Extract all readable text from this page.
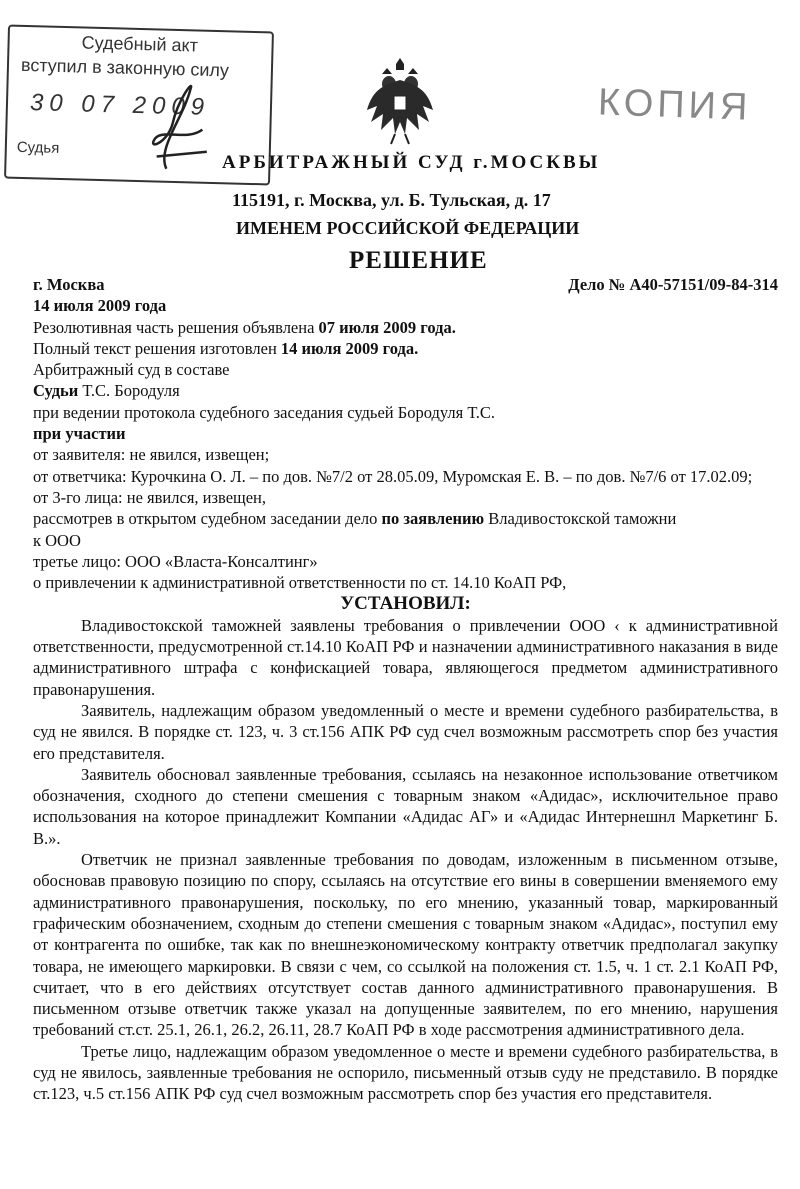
Судебный акт
вступил в законную силу
30 07 2009
Судья
КОПИЯ
АРБИТРАЖНЫЙ СУД г.МОСКВЫ
115191, г. Москва, ул. Б. Тульская, д. 17
ИМЕНЕМ РОССИЙСКОЙ ФЕДЕРАЦИИ
РЕШЕНИЕ
г. Москва	Дело № А40-57151/09-84-314
14 июля 2009 года
Резолютивная часть решения объявлена 07 июля 2009 года.
Полный текст решения изготовлен 14 июля 2009 года.
Арбитражный суд в составе
Судьи Т.С. Бородуля
при ведении протокола судебного заседания судьей Бородуля Т.С.
при участии
от заявителя: не явился, извещен;
от ответчика: Курочкина О. Л. – по дов. №7/2 от 28.05.09, Муромская Е. В. – по дов. №7/6 от 17.02.09;
от 3-го лица: не явился, извещен,
рассмотрев в открытом судебном заседании дело по заявлению Владивостокской таможни
к ООО
третье лицо: ООО «Власта-Консалтинг»
о привлечении к административной ответственности по ст. 14.10 КоАП РФ,
УСТАНОВИЛ:
Владивостокской таможней заявлены требования о привлечении ООО ‹ к административной ответственности, предусмотренной ст.14.10 КоАП РФ и назначении административного наказания в виде административного штрафа с конфискацией товара, являющегося предметом административного правонарушения.
Заявитель, надлежащим образом уведомленный о месте и времени судебного разбирательства, в суд не явился. В порядке ст. 123, ч. 3 ст.156 АПК РФ суд счел возможным рассмотреть спор без участия его представителя.
Заявитель обосновал заявленные требования, ссылаясь на незаконное использование ответчиком обозначения, сходного до степени смешения с товарным знаком «Адидас», исключительное право использования на которое принадлежит Компании «Адидас АГ» и «Адидас Интернешнл Маркетинг Б. В.».
Ответчик не признал заявленные требования по доводам, изложенным в письменном отзыве, обосновав правовую позицию по спору, ссылаясь на отсутствие его вины в совершении вменяемого ему административного правонарушения, поскольку, по его мнению, указанный товар, маркированный графическим обозначением, сходным до степени смешения с товарным знаком «Адидас», поступил ему от контрагента по ошибке, так как по внешнеэкономическому контракту ответчик предполагал закупку товара, не имеющего маркировки. В связи с чем, со ссылкой на положения ст. 1.5, ч. 1 ст. 2.1 КоАП РФ, считает, что в его действиях отсутствует состав данного административного правонарушения. В письменном отзыве ответчик также указал на допущенные заявителем, по его мнению, нарушения требований ст.ст. 25.1, 26.1, 26.2, 26.11, 28.7 КоАП РФ в ходе рассмотрения административного дела.
Третье лицо, надлежащим образом уведомленное о месте и времени судебного разбирательства, в суд не явилось, заявленные требования не оспорило, письменный отзыв суду не представило. В порядке ст.123, ч.5 ст.156 АПК РФ суд счел возможным рассмотреть спор без участия его представителя.
